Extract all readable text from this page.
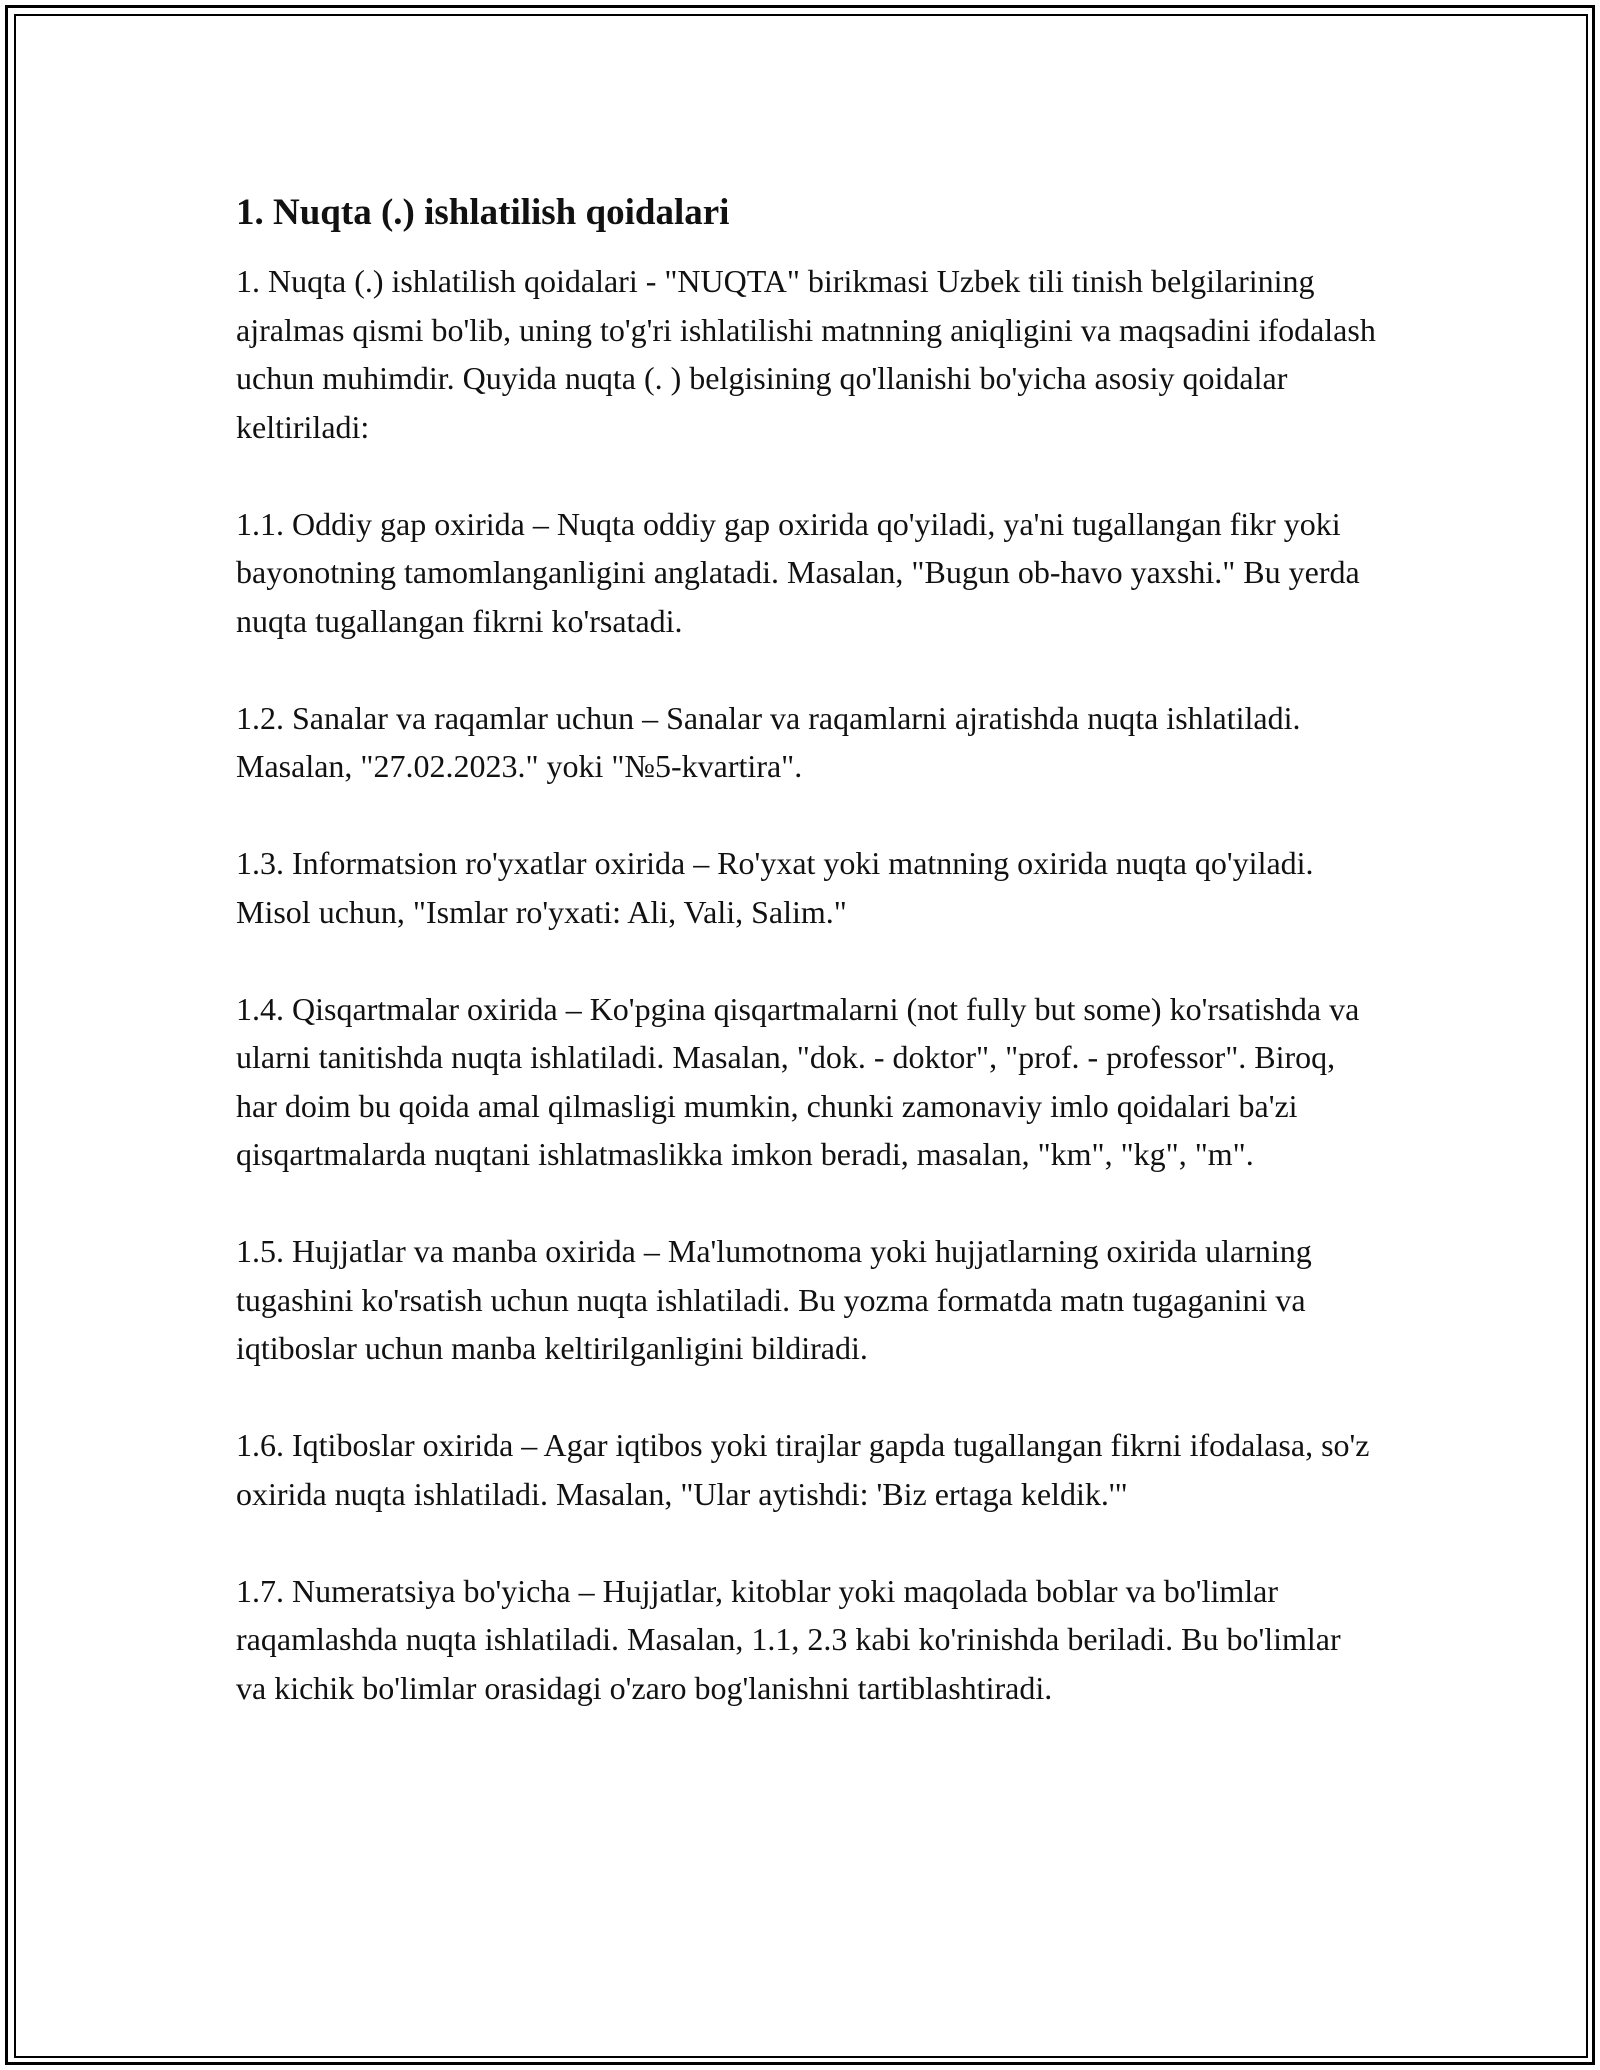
1. Nuqta (.) ishlatilish qoidalari

1. Nuqta (.) ishlatilish qoidalari - "NUQTA" birikmasi Uzbek tili tinish belgilarining ajralmas qismi bo'lib, uning to'g'ri ishlatilishi matnning aniqligini va maqsadini ifodalash uchun muhimdir. Quyida nuqta (. ) belgisining qo'llanishi bo'yicha asosiy qoidalar keltiriladi:

1.1. Oddiy gap oxirida – Nuqta oddiy gap oxirida qo'yiladi, ya'ni tugallangan fikr yoki bayonotning tamomlanganligini anglatadi. Masalan, "Bugun ob-havo yaxshi." Bu yerda nuqta tugallangan fikrni ko'rsatadi.

1.2. Sanalar va raqamlar uchun – Sanalar va raqamlarni ajratishda nuqta ishlatiladi. Masalan, "27.02.2023." yoki "№5-kvartira".

1.3. Informatsion ro'yxatlar oxirida – Ro'yxat yoki matnning oxirida nuqta qo'yiladi. Misol uchun, "Ismlar ro'yxati: Ali, Vali, Salim."

1.4. Qisqartmalar oxirida – Ko'pgina qisqartmalarni (not fully but some) ko'rsatishda va ularni tanitishda nuqta ishlatiladi. Masalan, "dok. - doktor", "prof. - professor". Biroq, har doim bu qoida amal qilmasligi mumkin, chunki zamonaviy imlo qoidalari ba'zi qisqartmalarda nuqtani ishlatmaslikka imkon beradi, masalan, "km", "kg", "m".

1.5. Hujjatlar va manba oxirida – Ma'lumotnoma yoki hujjatlarning oxirida ularning tugashini ko'rsatish uchun nuqta ishlatiladi. Bu yozma formatda matn tugaganini va iqtiboslar uchun manba keltirilganligini bildiradi.

1.6. Iqtiboslar oxirida – Agar iqtibos yoki tirajlar gapda tugallangan fikrni ifodalasa, so'z oxirida nuqta ishlatiladi. Masalan, "Ular aytishdi: 'Biz ertaga keldik.'"

1.7. Numeratsiya bo'yicha – Hujjatlar, kitoblar yoki maqolada boblar va bo'limlar raqamlashda nuqta ishlatiladi. Masalan, 1.1, 2.3 kabi ko'rinishda beriladi. Bu bo'limlar va kichik bo'limlar orasidagi o'zaro bog'lanishni tartiblashtiradi.
